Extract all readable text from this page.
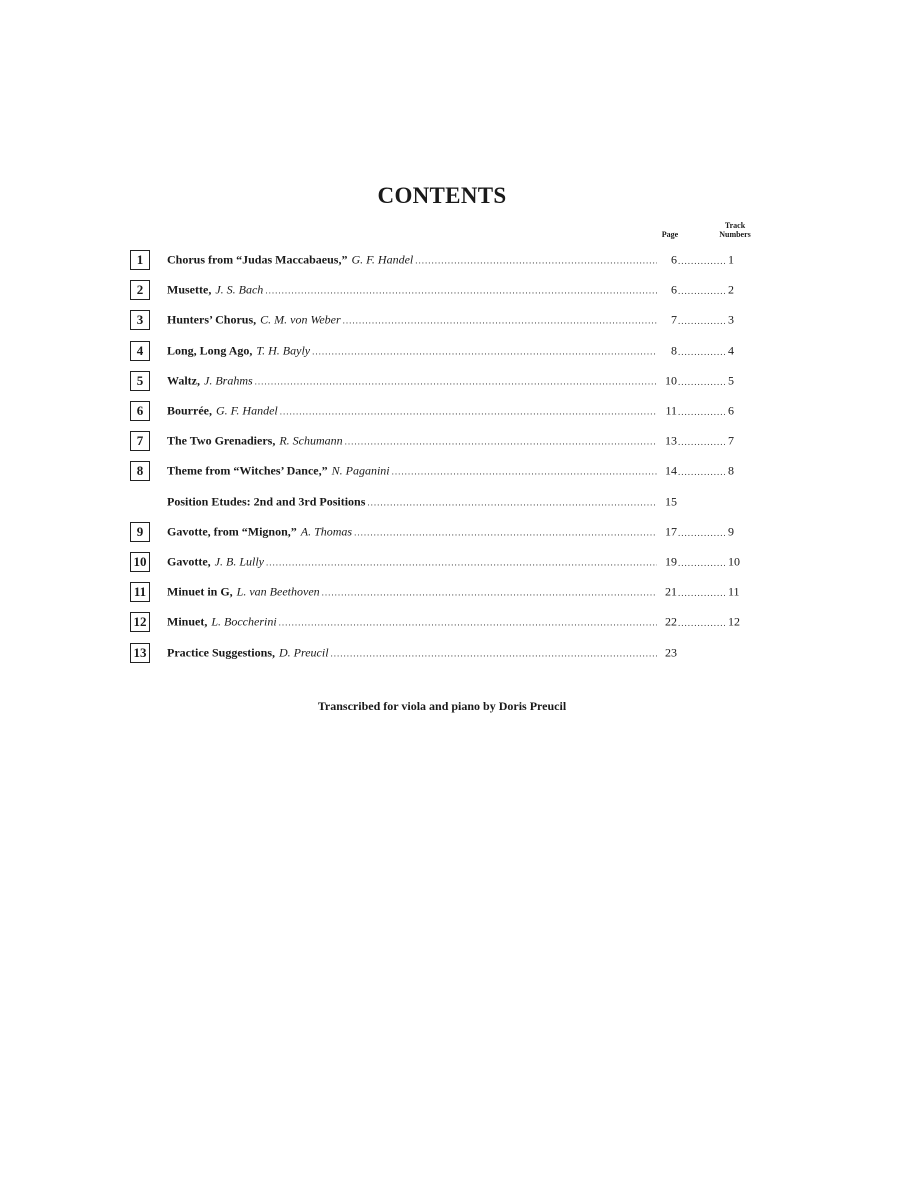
CONTENTS
Page
Track
Numbers
1	Chorus from “Judas Maccabaeus,” G. F. Handel .....	6 .....	1
2	Musette, J. S. Bach .....	6 .....	2
3	Hunters’ Chorus, C. M. von Weber .....	7 .....	3
4	Long, Long Ago, T. H. Bayly .....	8 .....	4
5	Waltz, J. Brahms .....	10 .....	5
6	Bourrée, G. F. Handel .....	11 .....	6
7	The Two Grenadiers, R. Schumann .....	13 .....	7
8	Theme from “Witches’ Dance,” N. Paganini .....	14 .....	8
Position Etudes: 2nd and 3rd Positions .....	15
9	Gavotte, from “Mignon,” A. Thomas .....	17 .....	9
10 Gavotte, J. B. Lully .....	19 .....	10
11	Minuet in G, L. van Beethoven .....	21 .....	11
12 Minuet, L. Boccherini .....	22 .....	12
13 Practice Suggestions, D. Preucil .....	23
Transcribed for viola and piano by Doris Preucil
